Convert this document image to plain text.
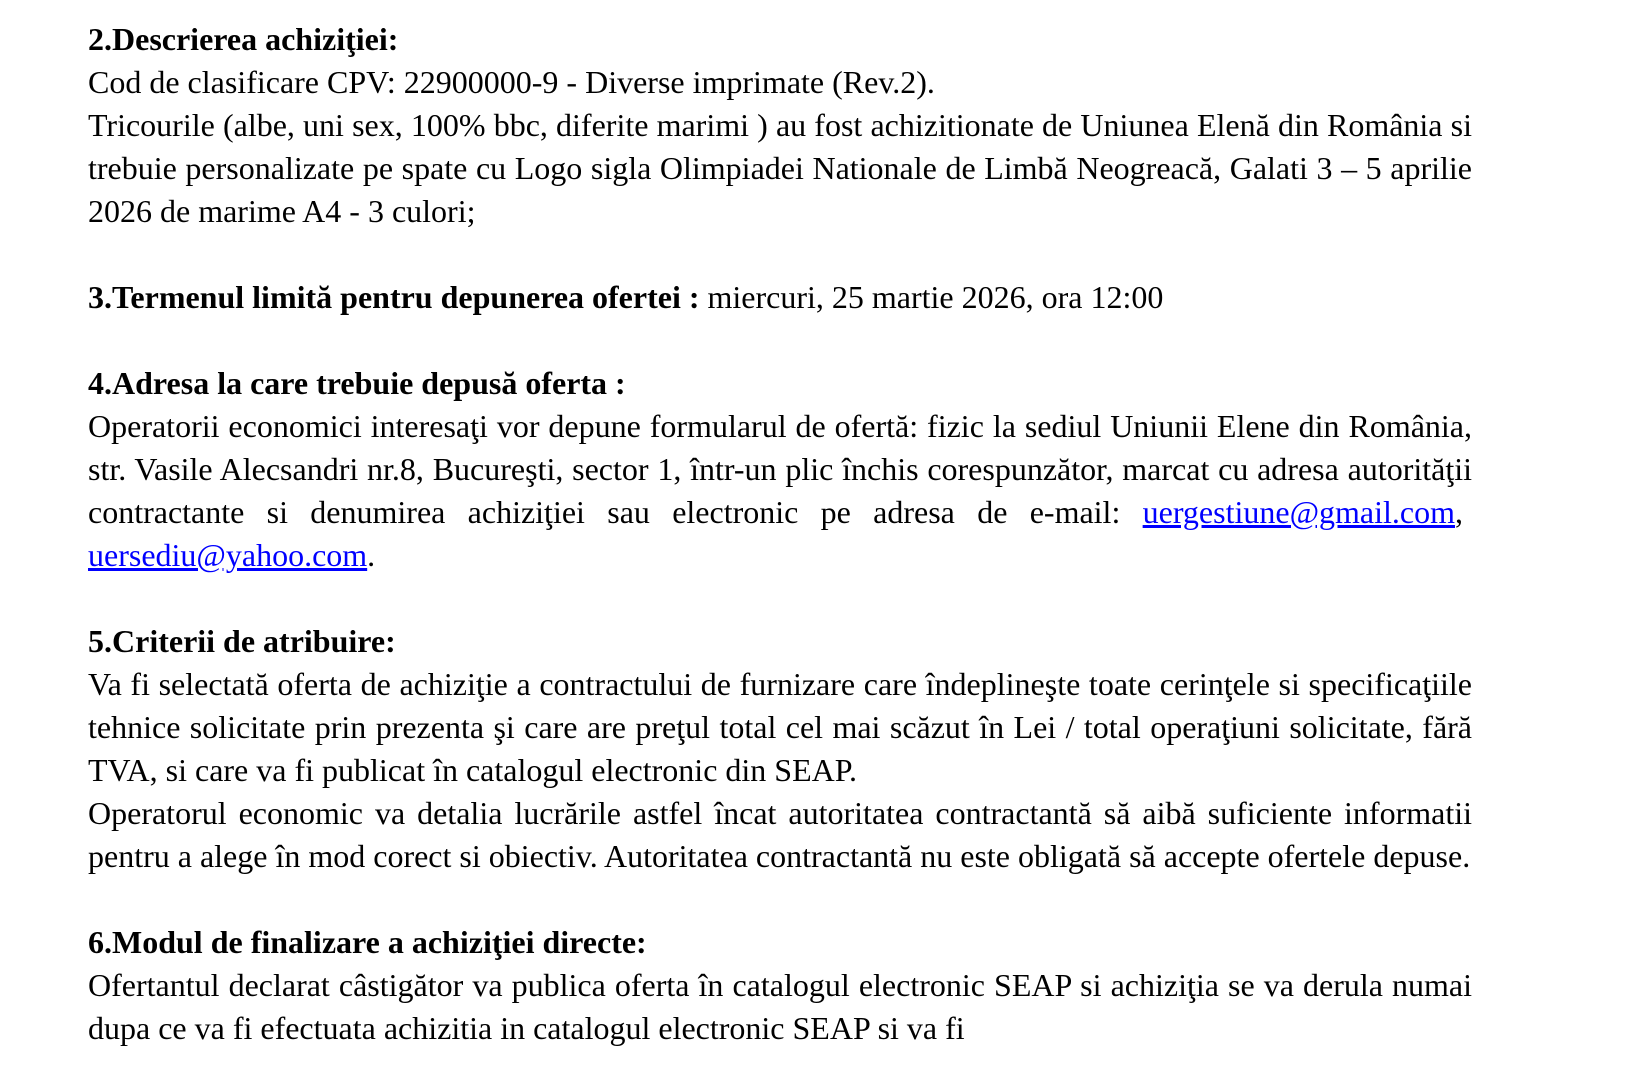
2.Descrierea achiziţiei:

Cod de clasificare CPV: 22900000-9 - Diverse imprimate (Rev.2).

Tricourile (albe, uni sex, 100% bbc, diferite marimi ) au fost achizitionate de Uniunea Elenă din România si trebuie personalizate pe spate cu Logo sigla Olimpiadei Nationale de Limbă Neogreacă, Galati 3 – 5 aprilie 2026 de marime A4 - 3 culori;

3.Termenul limită pentru depunerea ofertei : miercuri, 25 martie 2026, ora 12:00

4.Adresa la care trebuie depusă oferta :

Operatorii economici interesaţi vor depune formularul de ofertă: fizic la sediul Uniunii Elene din România, str. Vasile Alecsandri nr.8, Bucureşti, sector 1, într-un plic închis corespunzător, marcat cu adresa autorităţii contractante si denumirea achiziţiei sau electronic pe adresa de e-mail: uergestiune@gmail.com, uersediu@yahoo.com.

5.Criterii de atribuire:

Va fi selectată oferta de achiziţie a contractului de furnizare care îndeplineşte toate cerinţele si specificaţiile tehnice solicitate prin prezenta şi care are preţul total cel mai scăzut în Lei / total operaţiuni solicitate, fără TVA, si care va fi publicat în catalogul electronic din SEAP.

Operatorul economic va detalia lucrările astfel încat autoritatea contractantă să aibă suficiente informatii pentru a alege în mod corect si obiectiv. Autoritatea contractantă nu este obligată să accepte ofertele depuse.

6.Modul de finalizare a achiziţiei directe:

Ofertantul declarat câstigător va publica oferta în catalogul electronic SEAP si achiziţia se va derula numai dupa ce va fi efectuata achizitia in catalogul electronic SEAP si va fi
